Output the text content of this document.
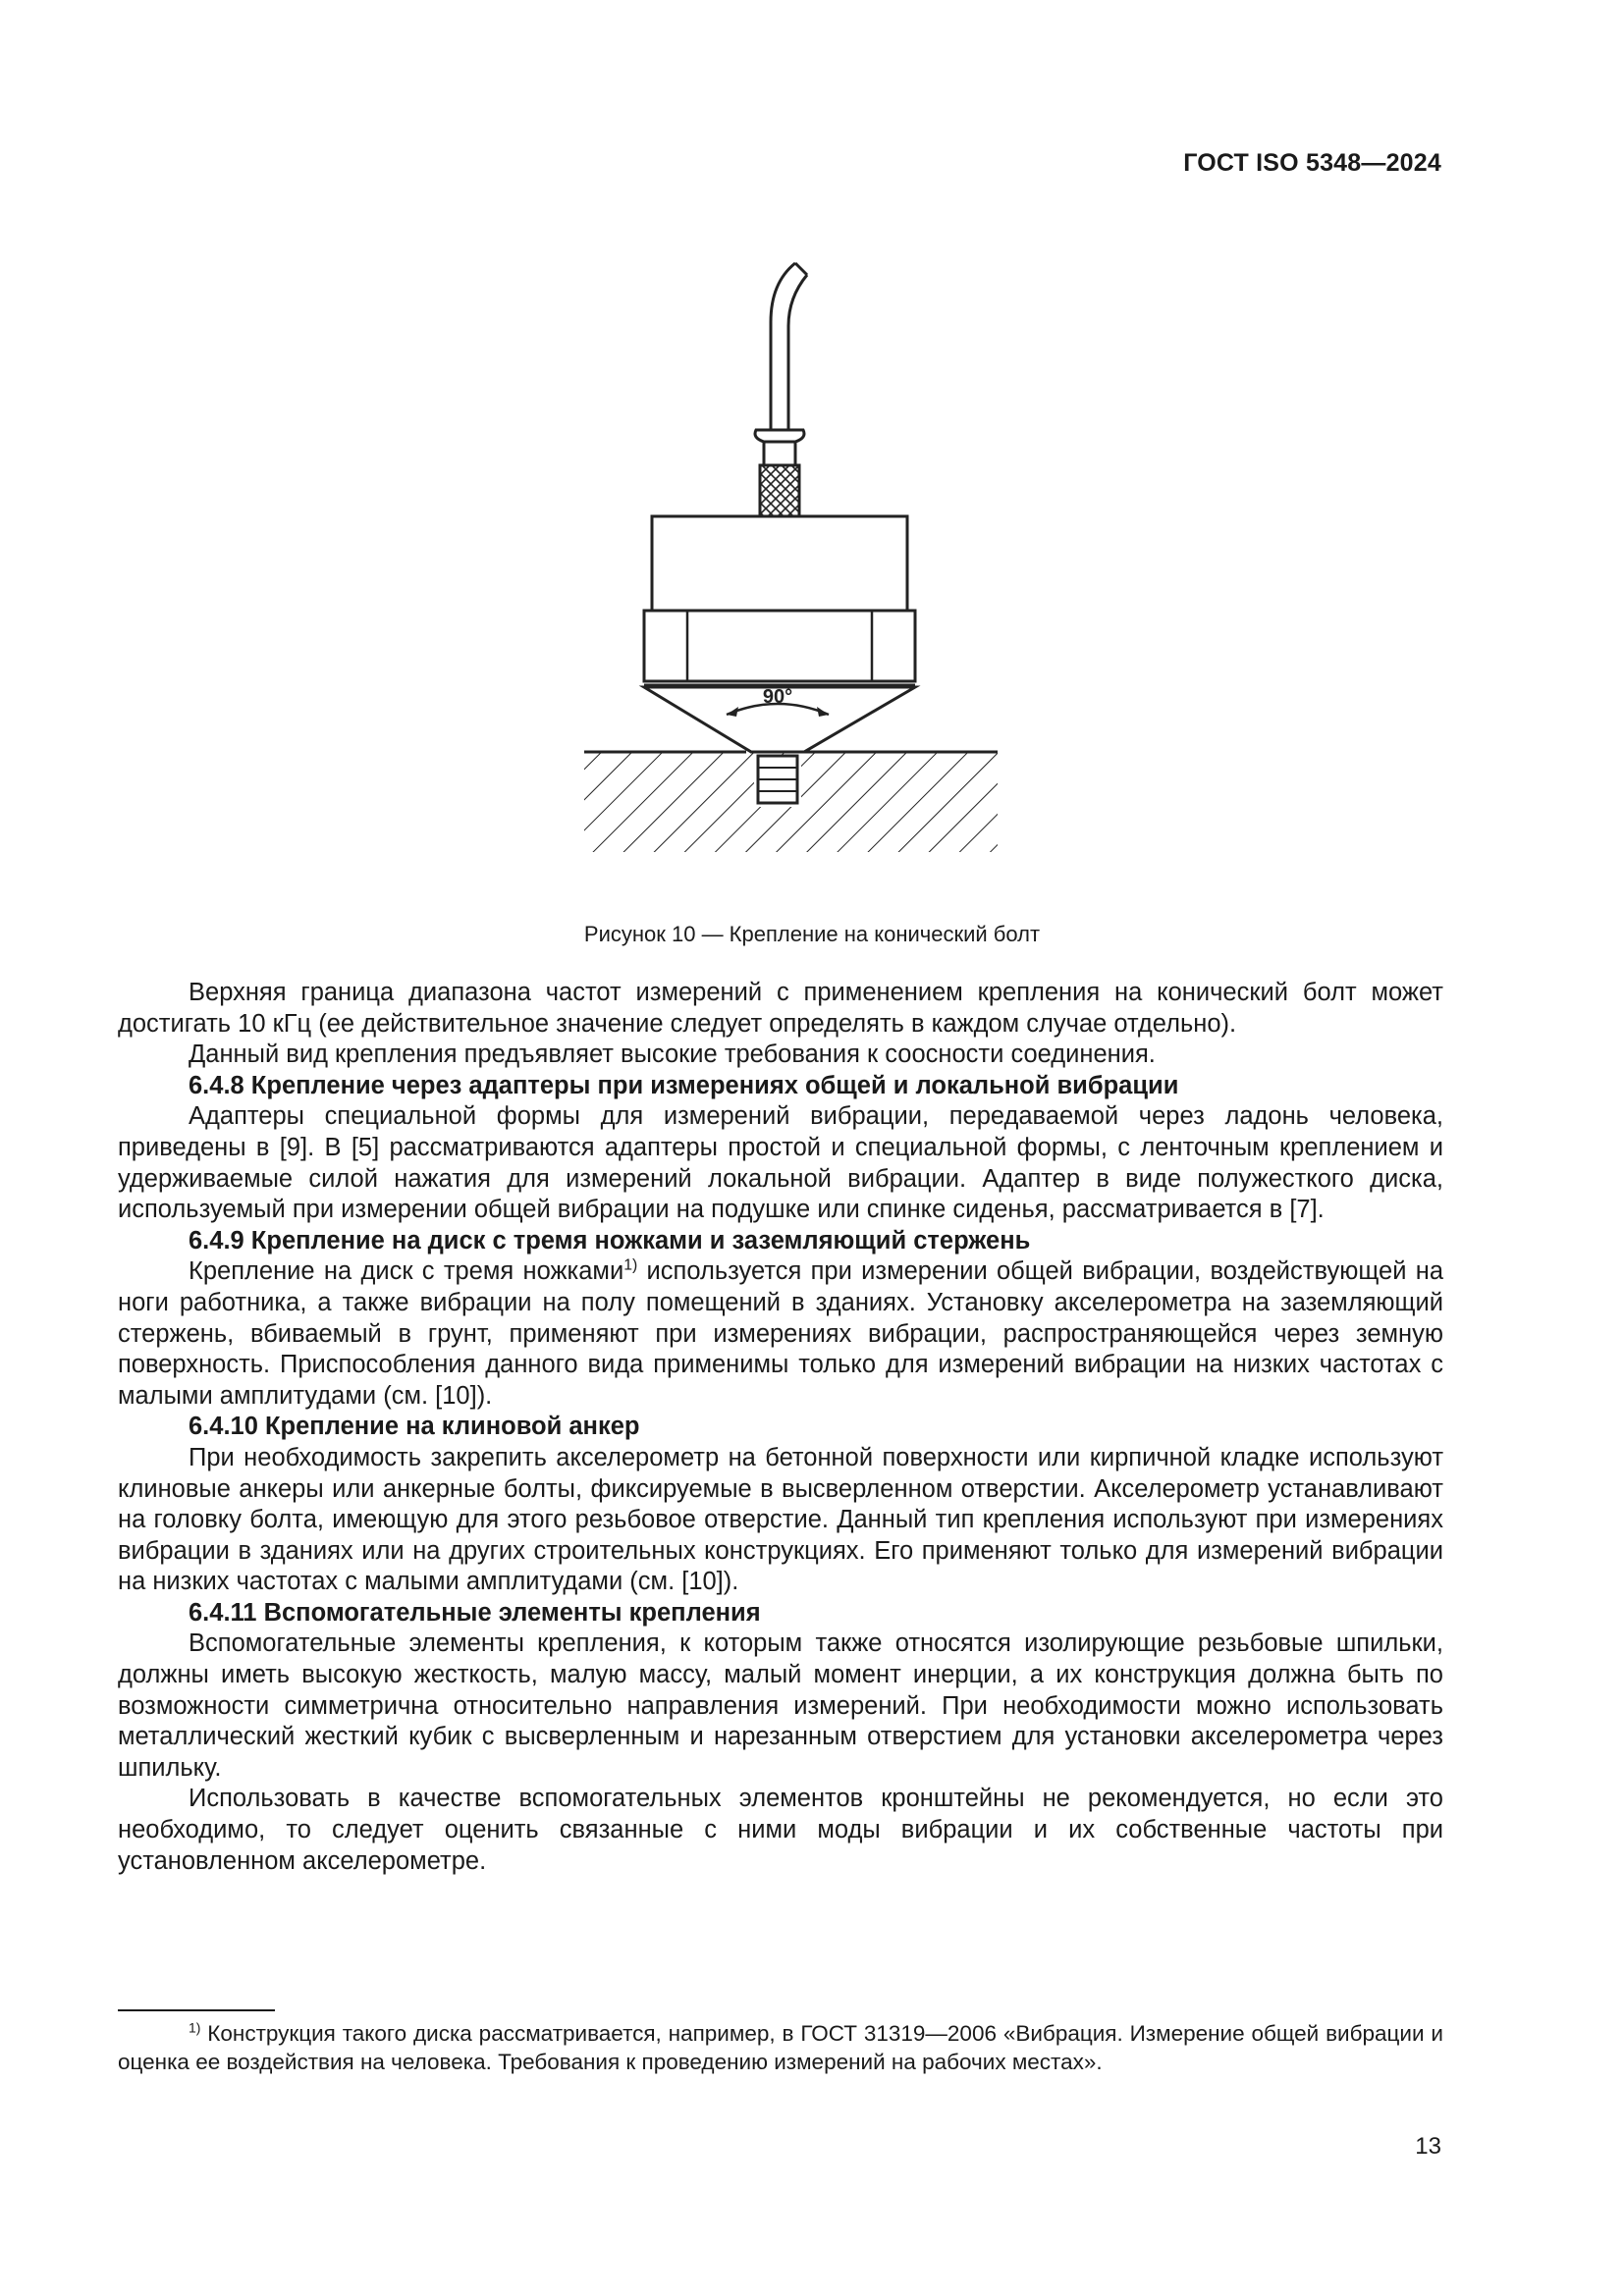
ГОСТ ISO 5348—2024
90°
Рисунок 10 — Крепление на конический болт

Верхняя граница диапазона частот измерений с применением крепления на конический болт может достигать 10 кГц (ее действительное значение следует определять в каждом случае отдельно).

Данный вид крепления предъявляет высокие требования к соосности соединения.

6.4.8 Крепление через адаптеры при измерениях общей и локальной вибрации

Адаптеры специальной формы для измерений вибрации, передаваемой через ладонь человека, приведены в [9]. В [5] рассматриваются адаптеры простой и специальной формы, с ленточным креплением и удерживаемые силой нажатия для измерений локальной вибрации. Адаптер в виде полужесткого диска, используемый при измерении общей вибрации на подушке или спинке сиденья, рассматривается в [7].

6.4.9 Крепление на диск с тремя ножками и заземляющий стержень

Крепление на диск с тремя ножками$^{1)}$ используется при измерении общей вибрации, воздействующей на ноги работника, а также вибрации на полу помещений в зданиях. Установку акселерометра на заземляющий стержень, вбиваемый в грунт, применяют при измерениях вибрации, распространяющейся через земную поверхность. Приспособления данного вида применимы только для измерений вибрации на низких частотах с малыми амплитудами (см. [10]).

6.4.10 Крепление на клиновой анкер

При необходимость закрепить акселерометр на бетонной поверхности или кирпичной кладке используют клиновые анкеры или анкерные болты, фиксируемые в высверленном отверстии. Акселерометр устанавливают на головку болта, имеющую для этого резьбовое отверстие. Данный тип крепления используют при измерениях вибрации в зданиях или на других строительных конструкциях. Его применяют только для измерений вибрации на низких частотах с малыми амплитудами (см. [10]).

6.4.11 Вспомогательные элементы крепления

Вспомогательные элементы крепления, к которым также относятся изолирующие резьбовые шпильки, должны иметь высокую жесткость, малую массу, малый момент инерции, а их конструкция должна быть по возможности симметрична относительно направления измерений. При необходимости можно использовать металлический жесткий кубик с высверленным и нарезанным отверстием для установки акселерометра через шпильку.

Использовать в качестве вспомогательных элементов кронштейны не рекомендуется, но если это необходимо, то следует оценить связанные с ними моды вибрации и их собственные частоты при установленном акселерометре.

$^{1)}$ Конструкция такого диска рассматривается, например, в ГОСТ 31319—2006 «Вибрация. Измерение общей вибрации и оценка ее воздействия на человека. Требования к проведению измерений на рабочих местах».

13
